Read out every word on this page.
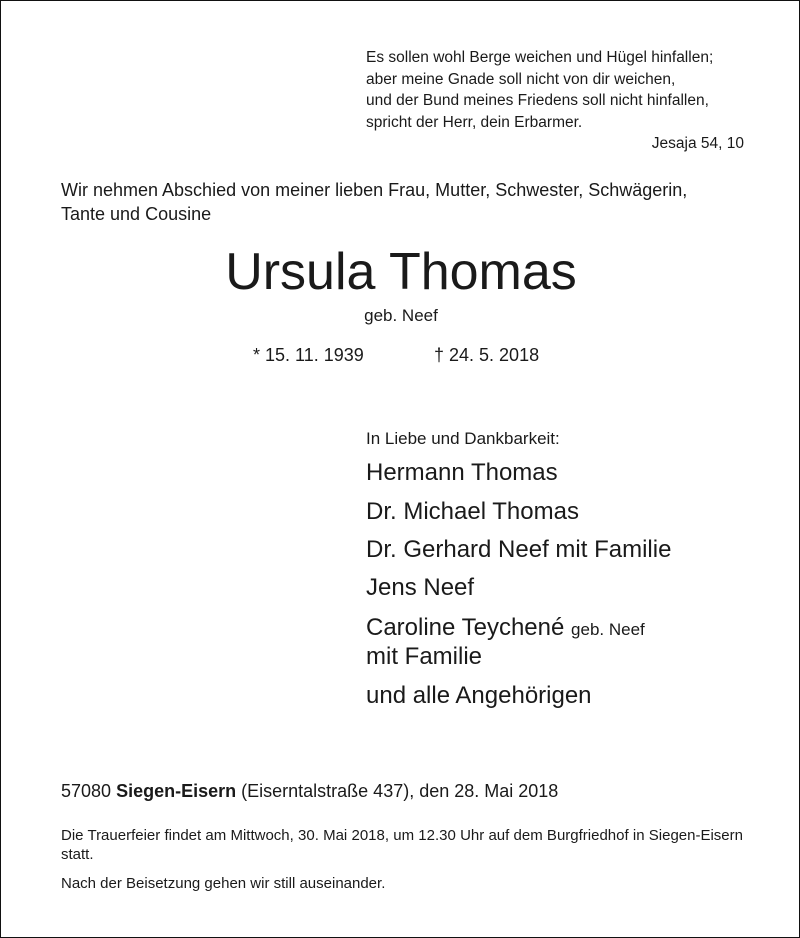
Es sollen wohl Berge weichen und Hügel hinfallen;
aber meine Gnade soll nicht von dir weichen,
und der Bund meines Friedens soll nicht hinfallen,
spricht der Herr, dein Erbarmer.
Jesaja 54, 10
Wir nehmen Abschied von meiner lieben Frau, Mutter, Schwester, Schwägerin,
Tante und Cousine
Ursula Thomas
geb. Neef
* 15. 11. 1939	† 24. 5. 2018
In Liebe und Dankbarkeit:
Hermann Thomas
Dr. Michael Thomas
Dr. Gerhard Neef mit Familie
Jens Neef
Caroline Teychené geb. Neef
mit Familie
und alle Angehörigen
57080 Siegen-Eisern (Eiserntalstraße 437), den 28. Mai 2018
Die Trauerfeier findet am Mittwoch, 30. Mai 2018, um 12.30 Uhr auf dem Burgfriedhof in Siegen-Eisern statt.
Nach der Beisetzung gehen wir still auseinander.
